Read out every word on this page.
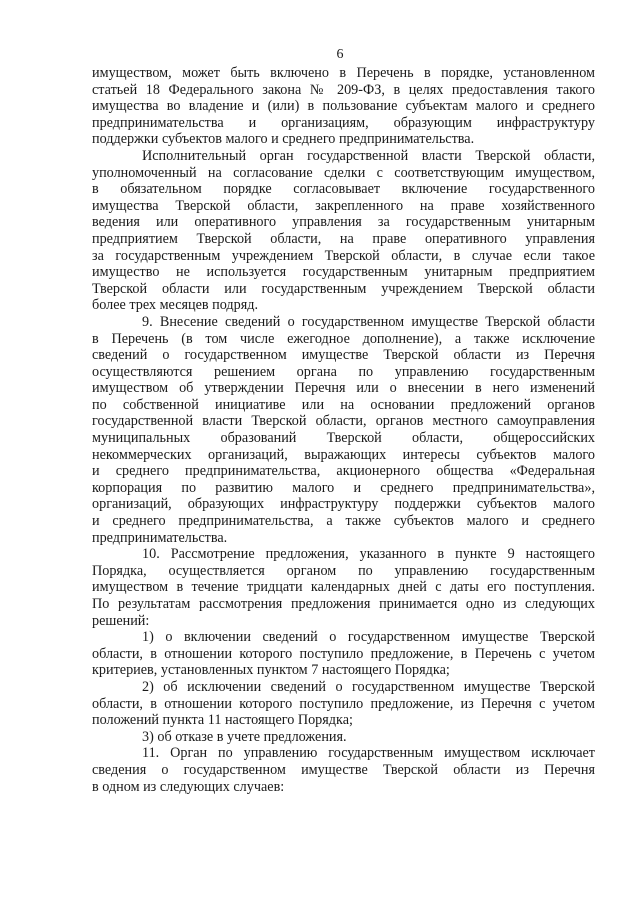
6
имуществом, может быть включено в Перечень в порядке, установленном
статьей 18 Федерального закона № 209-ФЗ, в целях предоставления такого
имущества во владение и (или) в пользование субъектам малого и среднего
предпринимательства и организациям, образующим инфраструктуру
поддержки субъектов малого и среднего предпринимательства.
Исполнительный орган государственной власти Тверской области,
уполномоченный на согласование сделки с соответствующим имуществом,
в обязательном порядке согласовывает включение государственного
имущества Тверской области, закрепленного на праве хозяйственного
ведения или оперативного управления за государственным унитарным
предприятием Тверской области, на праве оперативного управления
за государственным учреждением Тверской области, в случае если такое
имущество не используется государственным унитарным предприятием
Тверской области или государственным учреждением Тверской области
более трех месяцев подряд.
9. Внесение сведений о государственном имуществе Тверской области
в Перечень (в том числе ежегодное дополнение), а также исключение
сведений о государственном имуществе Тверской области из Перечня
осуществляются решением органа по управлению государственным
имуществом об утверждении Перечня или о внесении в него изменений
по собственной инициативе или на основании предложений органов
государственной власти Тверской области, органов местного самоуправления
муниципальных образований Тверской области, общероссийских
некоммерческих организаций, выражающих интересы субъектов малого
и среднего предпринимательства, акционерного общества «Федеральная
корпорация по развитию малого и среднего предпринимательства»,
организаций, образующих инфраструктуру поддержки субъектов малого
и среднего предпринимательства, а также субъектов малого и среднего
предпринимательства.
10. Рассмотрение предложения, указанного в пункте 9 настоящего
Порядка, осуществляется органом по управлению государственным
имуществом в течение тридцати календарных дней с даты его поступления.
По результатам рассмотрения предложения принимается одно из следующих
решений:
1) о включении сведений о государственном имуществе Тверской
области, в отношении которого поступило предложение, в Перечень с учетом
критериев, установленных пунктом 7 настоящего Порядка;
2) об исключении сведений о государственном имуществе Тверской
области, в отношении которого поступило предложение, из Перечня с учетом
положений пункта 11 настоящего Порядка;
3) об отказе в учете предложения.
11. Орган по управлению государственным имуществом исключает
сведения о государственном имуществе Тверской области из Перечня
в одном из следующих случаев:
